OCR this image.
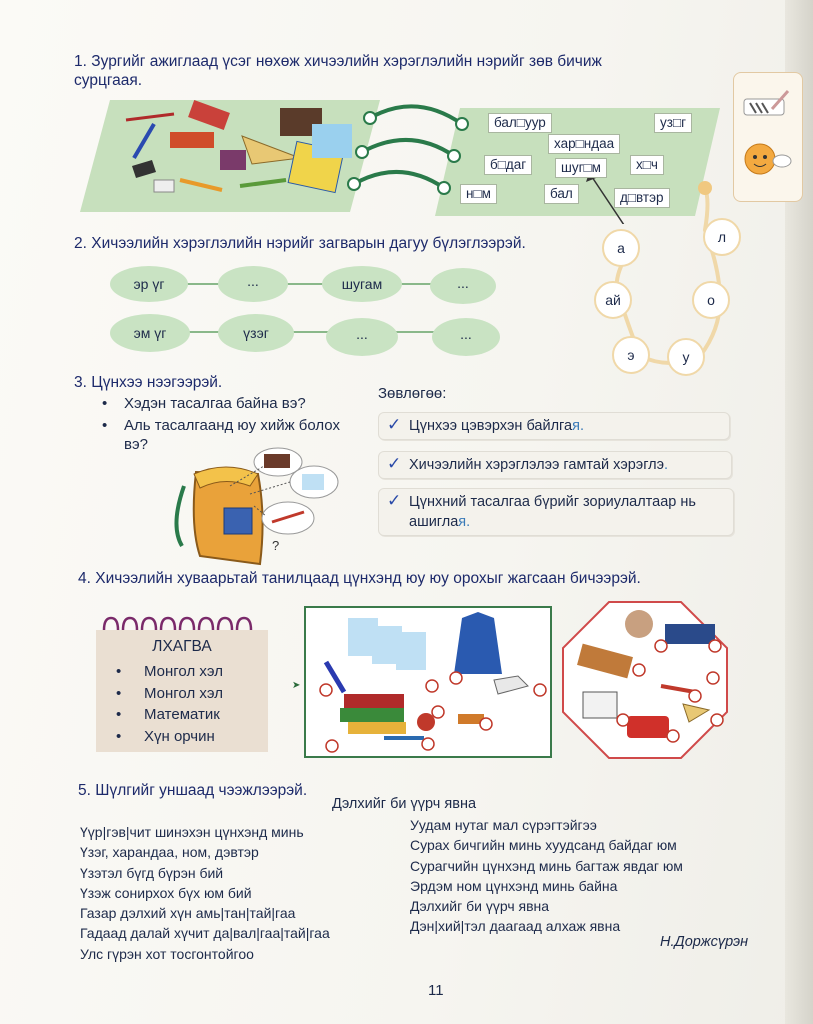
1. Зургийг ажиглаад үсэг нөхөж хичээлийн хэрэглэлийн нэрийг зөв бичиж сурцгаая.
бал□уур	уз□г
хар□ндаа
б□даг	шуг□м	х□ч
н□м	бал	д□втэр
2. Хичээлийн хэрэглэлийн нэрийг загварын дагуу бүлэглээрэй.
эр үг	...	шугам	...
эм үг	үзэг	...	...
а
л
ай	о
э	у
3. Цүнхээ нээгээрэй.
• Хэдэн тасалгаа байна вэ?
• Аль тасалгаанд юу хийж болох вэ?
?
Зөвлөгөө:
✓ Цүнхээ цэвэрхэн байлгая.
✓ Хичээлийн хэрэглэлээ гамтай хэрэглэ.
✓ Цүнхний тасалгаа бүрийг зориулалтаар нь ашиглая.
4. Хичээлийн хуваарьтай танилцаад цүнхэнд юу юу орохыг жагсаан бичээрэй.
ЛХАГВА
• Монгол хэл
• Монгол хэл
• Математик
• Хүн орчин
➤
5. Шүлгийг уншаад чээжлээрэй.
Дэлхийг би үүрч явна
Үүр|гэв|чит шинэхэн цүнхэнд минь
Үзэг, харандаа, ном, дэвтэр
Үзэтэл бүгд бүрэн бий
Үзэж сонирхох бүх юм бий
Газар дэлхий хүн амь|тан|тай|гаа
Гадаад далай хүчит да|вал|гаа|тай|гаа
Улс гүрэн хот тосгонтойгоо
Уудам нутаг мал сүрэгтэйгээ
Сурах бичгийн минь хуудсанд байдаг юм
Сурагчийн цүнхэнд минь багтаж явдаг юм
Эрдэм ном цүнхэнд минь байна
Дэлхийг би үүрч явна
Дэн|хий|тэл даагаад алхаж явна
Н.Доржсүрэн
11
